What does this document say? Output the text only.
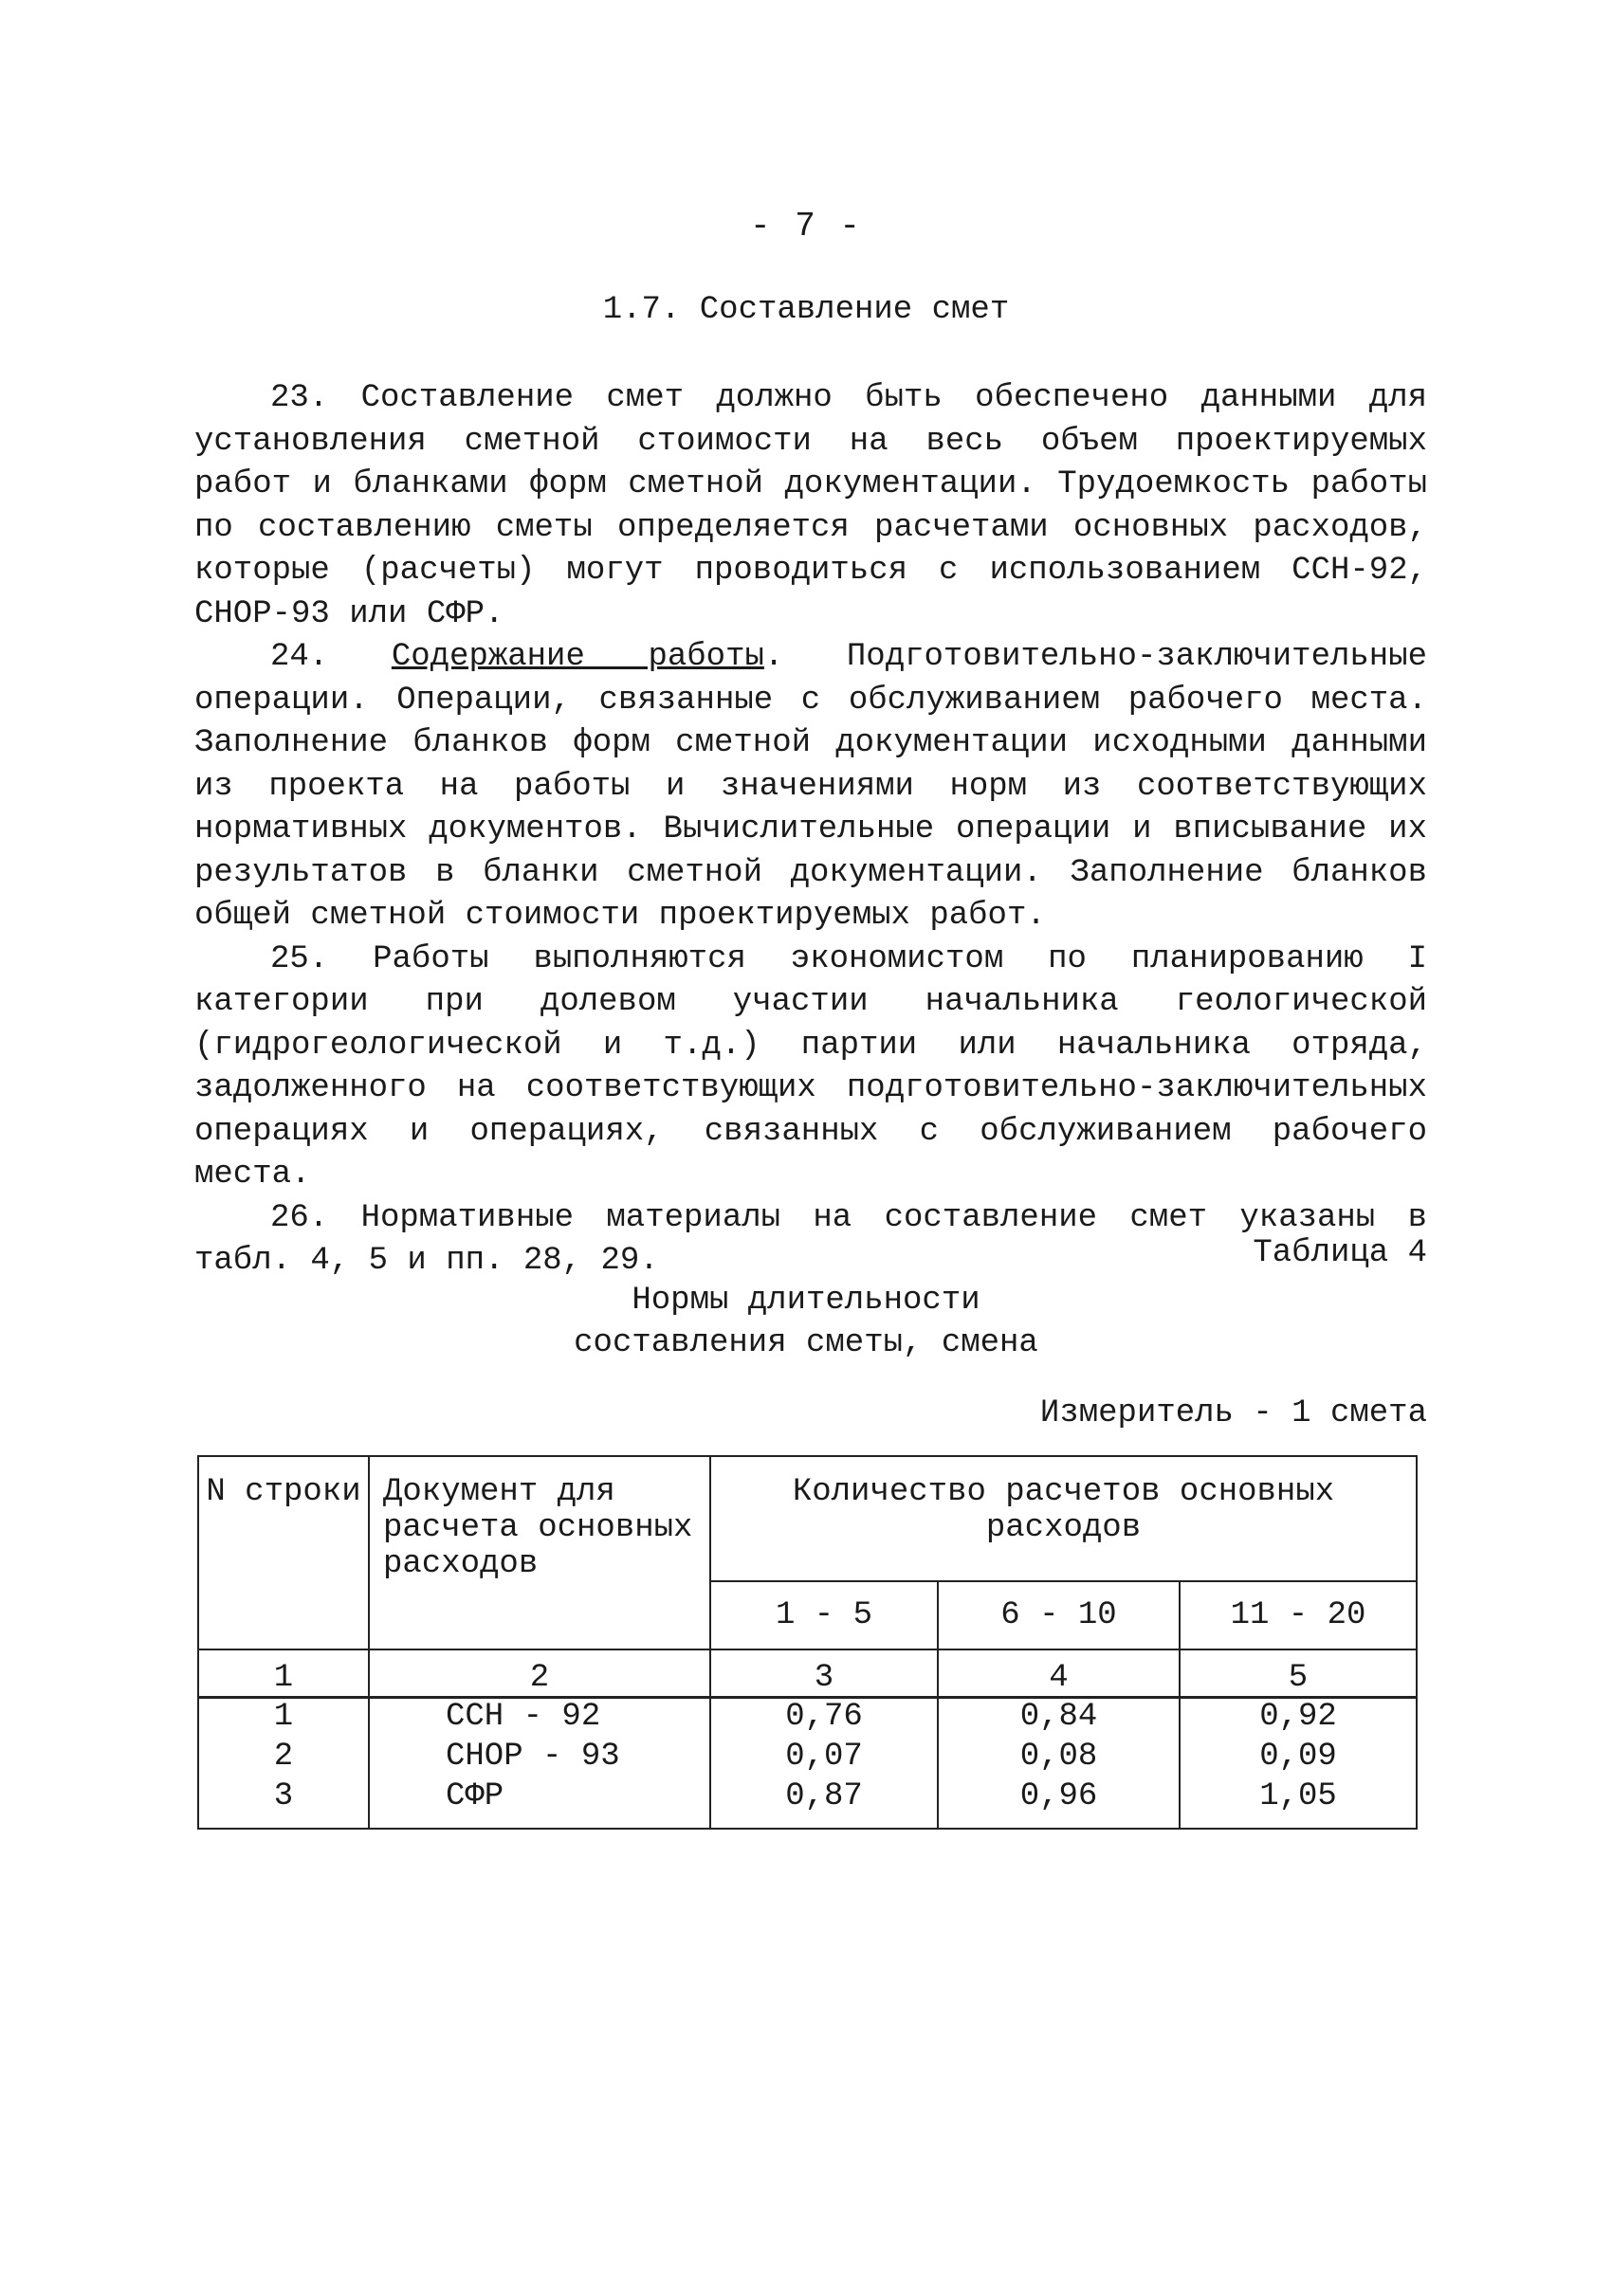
- 7 -
1.7. Составление смет

23. Составление смет должно быть обеспечено данными для установления сметной стоимости на весь объем проектируемых работ и бланками форм сметной документации. Трудоемкость работы по составлению сметы определяется расчетами основных расходов, которые (расчеты) могут проводиться с использованием ССН-92, СНОР-93 или СФР.

24. Содержание работы. Подготовительно-заключительные операции. Операции, связанные с обслуживанием рабочего места. Заполнение бланков форм сметной документации исходными данными из проекта на работы и значениями норм из соответствующих нормативных документов. Вычислительные операции и вписывание их результатов в бланки сметной документации. Заполнение бланков общей сметной стоимости проектируемых работ.

25. Работы выполняются экономистом по планированию I категории при долевом участии начальника геологической (гидрогеологической и т.д.) партии или начальника отряда, задолженного на соответствующих подготовительно-заключительных операциях и операциях, связанных с обслуживанием рабочего места.

26. Нормативные материалы на составление смет указаны в табл. 4, 5 и пп. 28, 29.	Таблица 4
Нормы длительности
составления сметы, смена
Измеритель - 1 смета
N строки	Документ для расчета основных расходов	Количество расчетов основных расходов		
		1 - 5	6 - 10	11 - 20
1	2	3	4	5
1	ССН - 92	0,76	0,84	0,92
2	СНОР - 93	0,07	0,08	0,09
3	СФР	0,87	0,96	1,05
